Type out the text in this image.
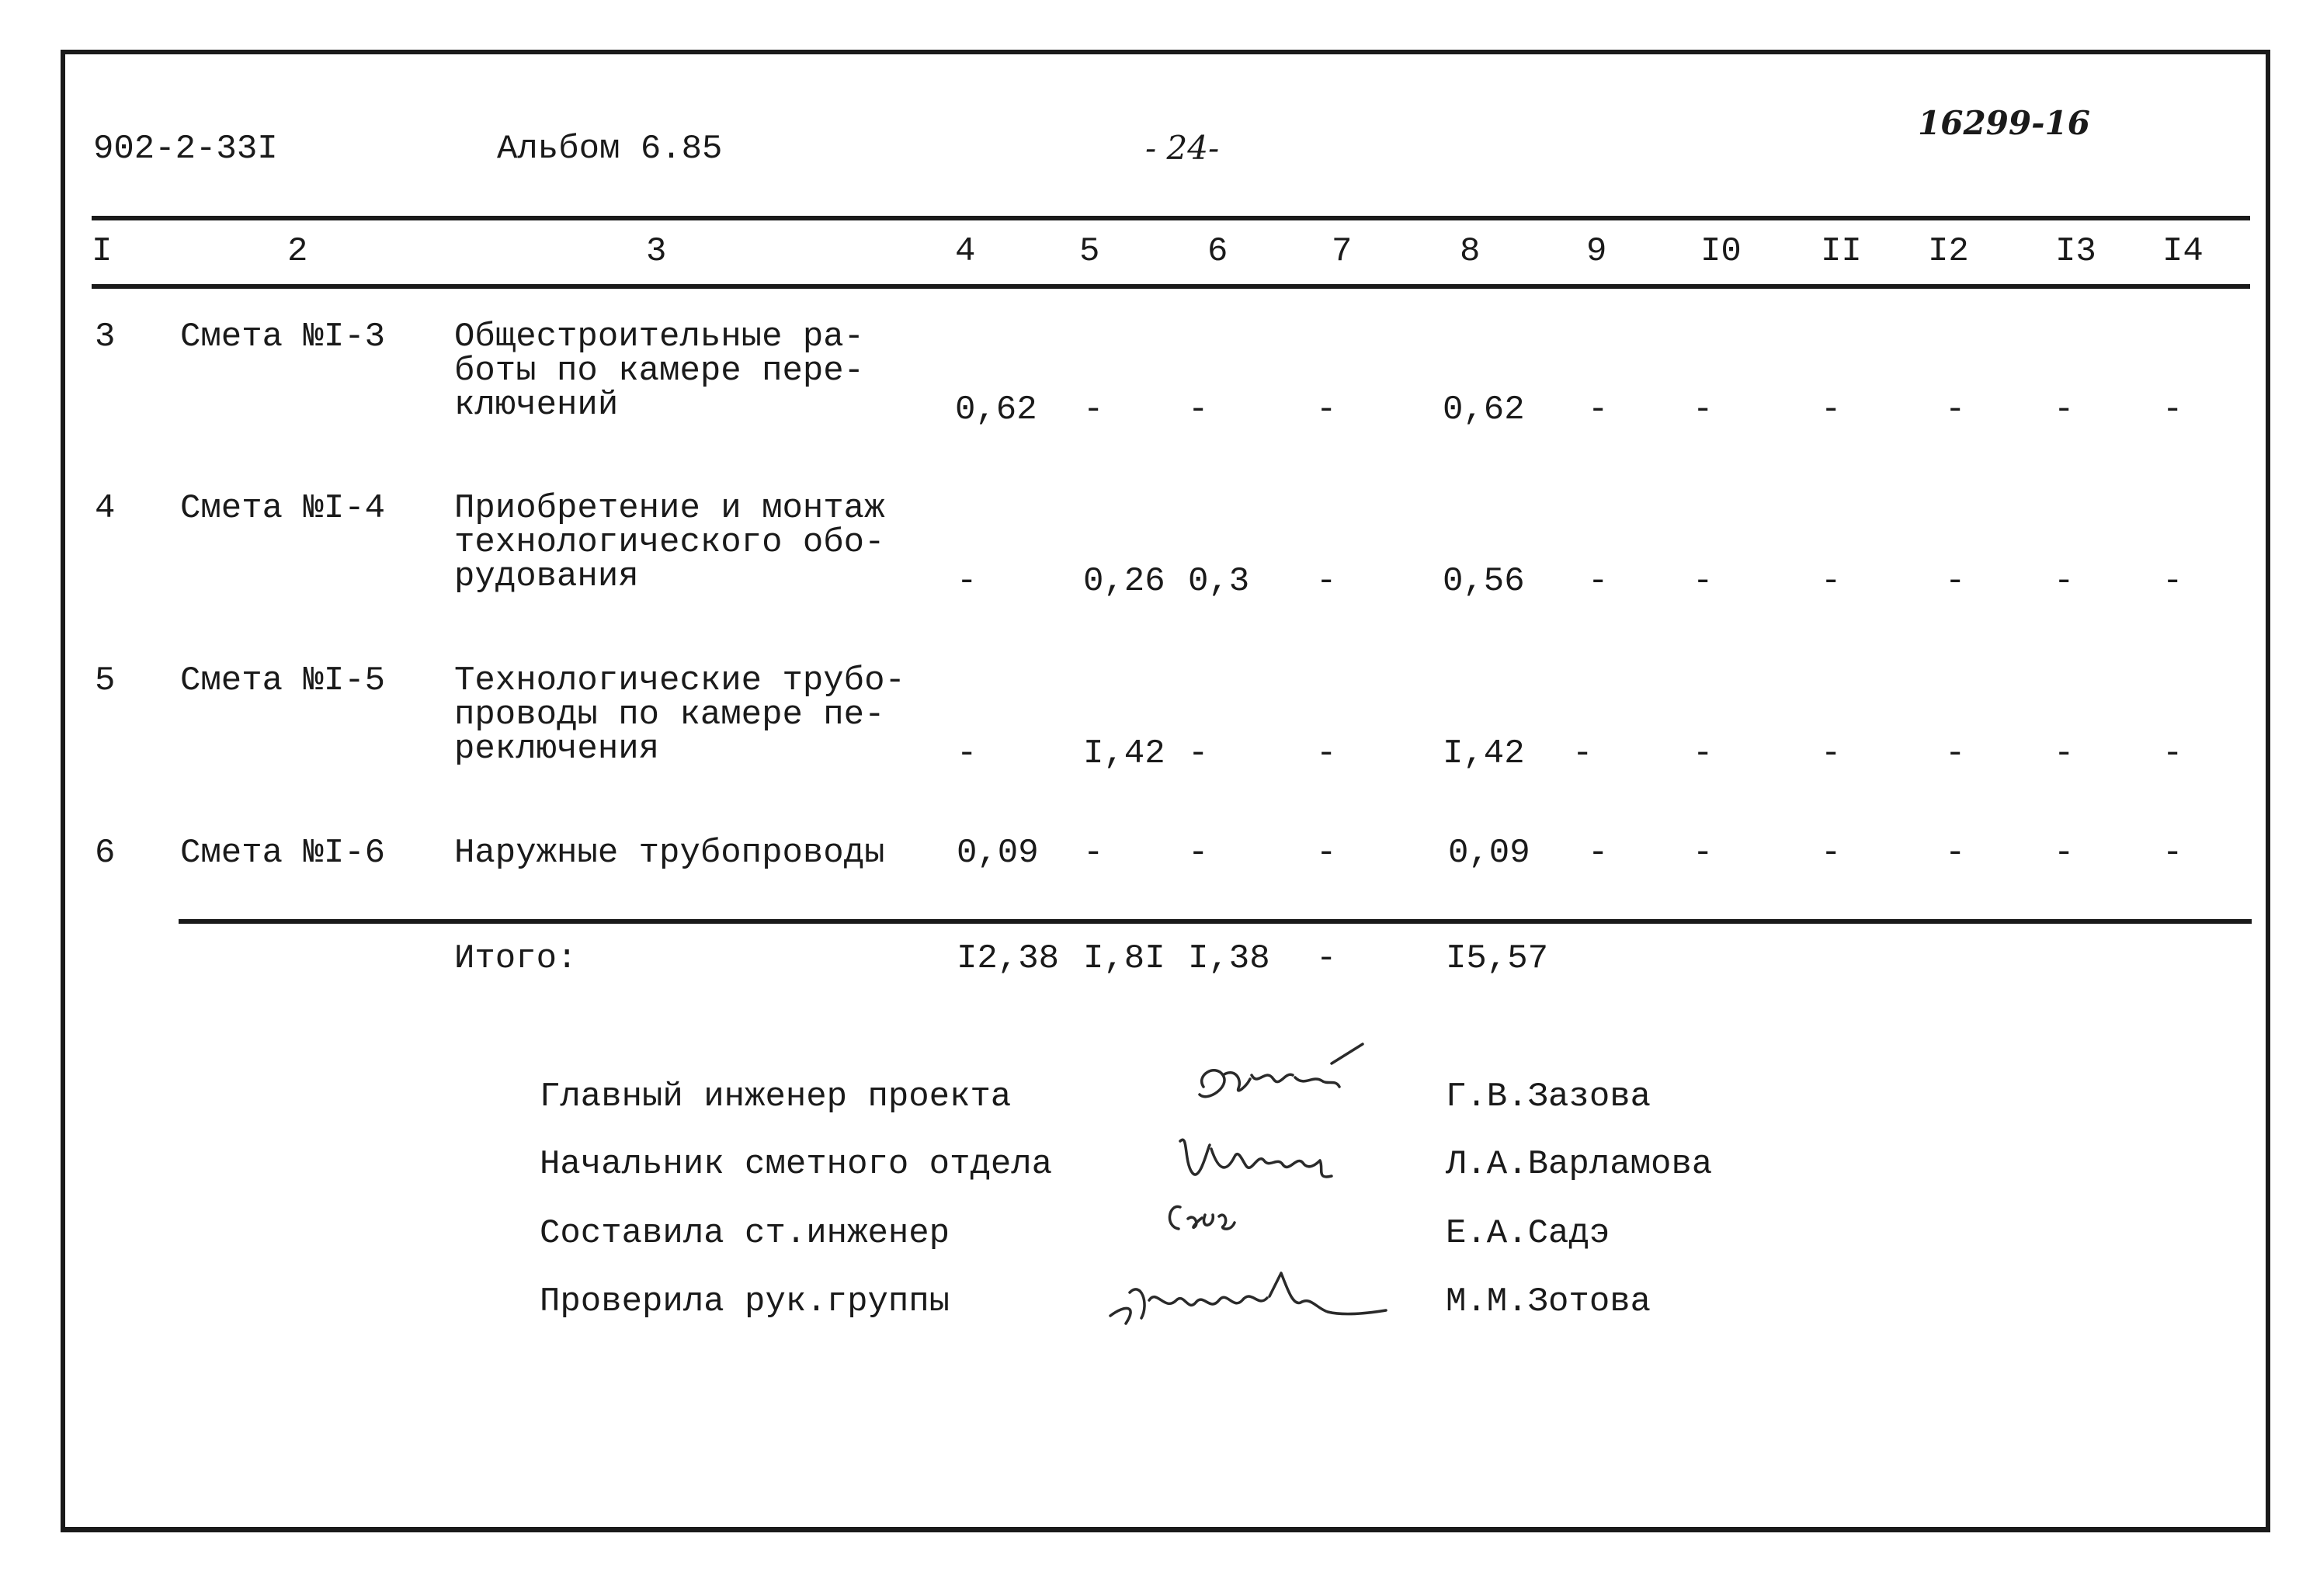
902-2-33I	Альбом 6.85	- 24-
16299-16
I	2	3	4	5	6	7	8	9	I0 II I2	I3 I4
3 Смета №I-3 Общестроительные ра-
боты по камере пере-
ключений	0,62 - -	-	0,62 - -	-	-	-	-
4 Смета №I-4 Приобретение и монтаж
технологического обо-
рудования	-	0,26 0,3 -	0,56 - -	-	-	-	-
5 Смета №I-5 Технологические трубо-
проводы по камере пе-
реключения	-	I,42 -	-	I,42 -	-	-	-	-	-
6 Смета №I-6 Наружные трубопроводы 0,09 - -	-	0,09 - -	-	-	-	-
Итого:	I2,38 I,8I I,38 -	I5,57
Главный инженер проекта	Г.В.Зазова
Начальник сметного отдела	Л.А.Варламова
Составила ст.инженер	Е.А.Садэ
Проверила рук.группы	М.М.Зотова
